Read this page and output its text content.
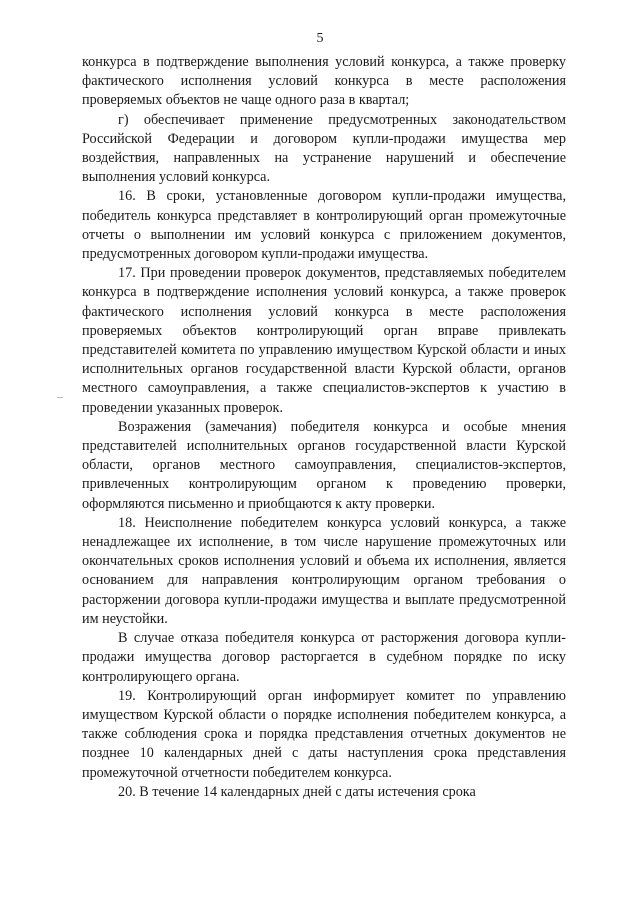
5

конкурса в подтверждение выполнения условий конкурса, а также проверку фактического исполнения условий конкурса в месте расположения проверяемых объектов не чаще одного раза в квартал;

г) обеспечивает применение предусмотренных законодательством Российской Федерации и договором купли-продажи имущества мер воздействия, направленных на устранение нарушений и обеспечение выполнения условий конкурса.

16. В сроки, установленные договором купли-продажи имущества, победитель конкурса представляет в контролирующий орган промежуточные отчеты о выполнении им условий конкурса с приложением документов, предусмотренных договором купли-продажи имущества.

17. При проведении проверок документов, представляемых победителем конкурса в подтверждение исполнения условий конкурса, а также проверок фактического исполнения условий конкурса в месте расположения проверяемых объектов контролирующий орган вправе привлекать представителей комитета по управлению имуществом Курской области и иных исполнительных органов государственной власти Курской области, органов местного самоуправления, а также специалистов-экспертов к участию в проведении указанных проверок.

Возражения (замечания) победителя конкурса и особые мнения представителей исполнительных органов государственной власти Курской области, органов местного самоуправления, специалистов-экспертов, привлеченных контролирующим органом к проведению проверки, оформляются письменно и приобщаются к акту проверки.

18. Неисполнение победителем конкурса условий конкурса, а также ненадлежащее их исполнение, в том числе нарушение промежуточных или окончательных сроков исполнения условий и объема их исполнения, является основанием для направления контролирующим органом требования о расторжении договора купли-продажи имущества и выплате предусмотренной им неустойки.

В случае отказа победителя конкурса от расторжения договора купли-продажи имущества договор расторгается в судебном порядке по иску контролирующего органа.

19. Контролирующий орган информирует комитет по управлению имуществом Курской области о порядке исполнения победителем конкурса, а также соблюдения срока и порядка представления отчетных документов не позднее 10 календарных дней с даты наступления срока представления промежуточной отчетности победителем конкурса.

20. В течение 14 календарных дней с даты истечения срока
